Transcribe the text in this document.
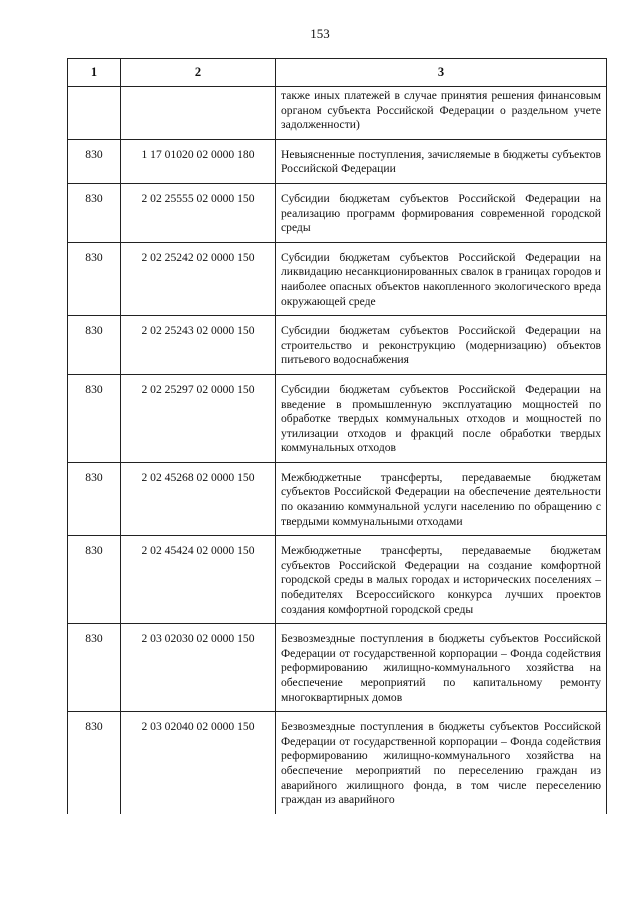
153
1	2	3
		также иных платежей в случае принятия решения финансовым органом субъекта Российской Федерации о раздельном учете задолженности)
830	1 17 01020 02 0000 180	Невыясненные поступления, зачисляемые в бюджеты субъектов Российской Федерации
830	2 02 25555 02 0000 150	Субсидии бюджетам субъектов Российской Федерации на реализацию программ формирования современной городской среды
830	2 02 25242 02 0000 150	Субсидии бюджетам субъектов Российской Федерации на ликвидацию несанкционированных свалок в границах городов и наиболее опасных объектов накопленного экологического вреда окружающей среде
830	2 02 25243 02 0000 150	Субсидии бюджетам субъектов Российской Федерации на строительство и реконструкцию (модернизацию) объектов питьевого водоснабжения
830	2 02 25297 02 0000 150	Субсидии бюджетам субъектов Российской Федерации на введение в промышленную эксплуатацию мощностей по обработке твердых коммунальных отходов и мощностей по утилизации отходов и фракций после обработки твердых коммунальных отходов
830	2 02 45268 02 0000 150	Межбюджетные трансферты, передаваемые бюджетам субъектов Российской Федерации на обеспечение деятельности по оказанию коммунальной услуги населению по обращению с твердыми коммунальными отходами
830	2 02 45424 02 0000 150	Межбюджетные трансферты, передаваемые бюджетам субъектов Российской Федерации на создание комфортной городской среды в малых городах и исторических поселениях – победителях Всероссийского конкурса лучших проектов создания комфортной городской среды
830	2 03 02030 02 0000 150	Безвозмездные поступления в бюджеты субъектов Российской Федерации от государственной корпорации – Фонда содействия реформированию жилищно-коммунального хозяйства на обеспечение мероприятий по капитальному ремонту многоквартирных домов
830	2 03 02040 02 0000 150	Безвозмездные поступления в бюджеты субъектов Российской Федерации от государственной корпорации – Фонда содействия реформированию жилищно-коммунального хозяйства на обеспечение мероприятий по переселению граждан из аварийного жилищного фонда, в том числе переселению граждан из аварийного
